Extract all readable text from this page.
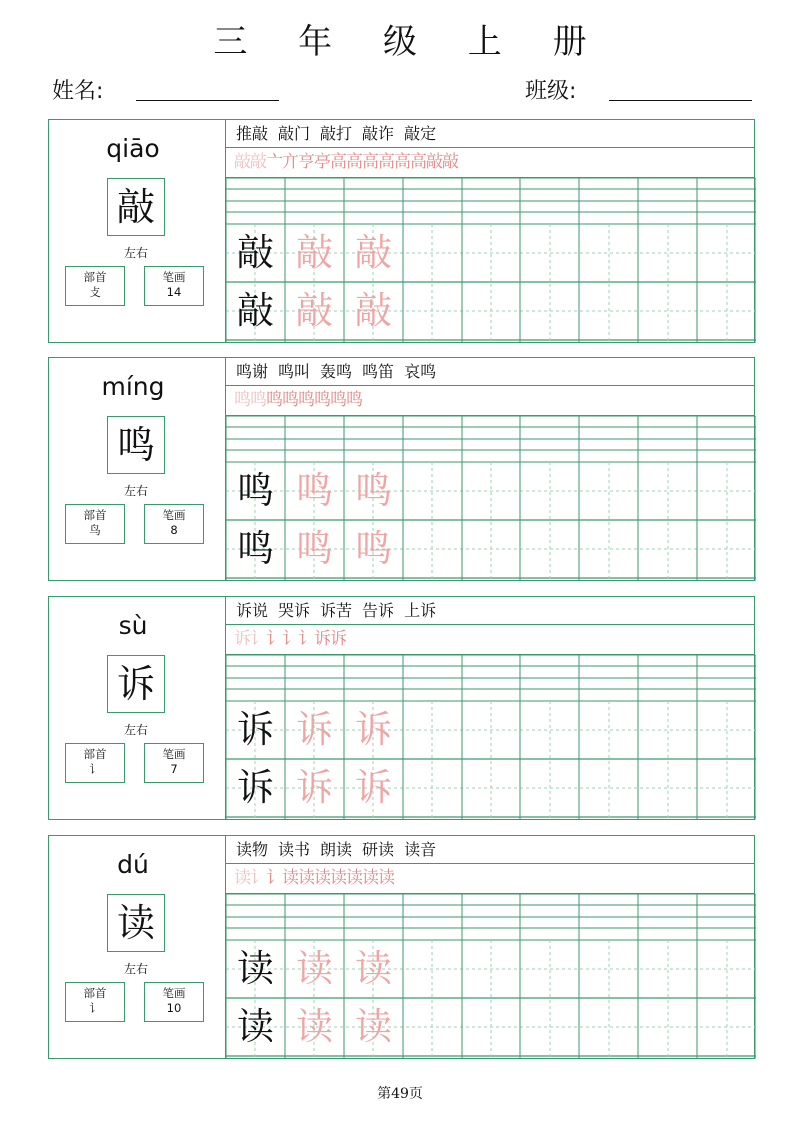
三 年 级 上 册
姓名:	班级:
qiāo
敲
左右
部首
攴
笔画
14
推敲 敲门 敲打 敲诈 敲定
敲敲亠亣亨亭高高高高高高敲敲
敲 敲 敲
敲 敲 敲
míng
鸣
左右
部首
鸟
笔画
8
鸣谢 鸣叫 轰鸣 鸣笛 哀鸣
鸣鸣鸣鸣鸣鸣鸣鸣
鸣 鸣 鸣
鸣 鸣 鸣
sù
诉
左右
部首
讠
笔画
7
诉说 哭诉 诉苦 告诉 上诉
诉讠讠讠讠诉诉
诉 诉 诉
诉 诉 诉
dú
读
左右
部首
讠
笔画
10
读物 读书 朗读 研读 读音
读讠讠读读读读读读读
读 读 读
读 读 读
第49页
